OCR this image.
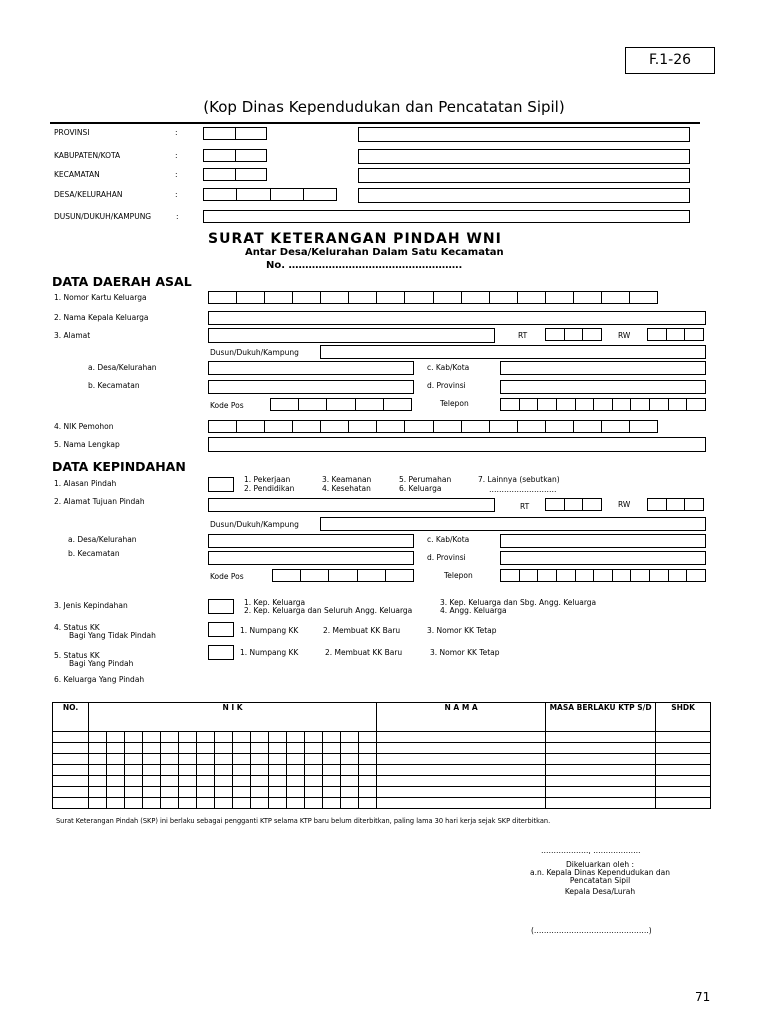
F.1-26
(Kop Dinas Kependudukan dan Pencatatan Sipil)
PROVINSI	:
KABUPATEN/KOTA	:
KECAMATAN	:
DESA/KELURAHAN	:
DUSUN/DUKUH/KAMPUNG	:
SURAT KETERANGAN PINDAH WNI
Antar Desa/Kelurahan Dalam Satu Kecamatan
No. …………………………………………….
DATA DAERAH ASAL
1. Nomor Kartu Keluarga
2. Nama Kepala Keluarga
3. Alamat	RT	RW
Dusun/Dukuh/Kampung
a. Desa/Kelurahan	c. Kab/Kota
b. Kecamatan	d. Provinsi
Kode Pos	Telepon
4. NIK Pemohon
5. Nama Lengkap
DATA KEPINDAHAN
1. Alasan Pindah	1. Pekerjaan
2. Pendidikan
3. Keamanan
4. Kesehatan
5. Perumahan
6. Keluarga
7. Lainnya (sebutkan)
………………………
2. Alamat Tujuan Pindah
RT	RW
Dusun/Dukuh/Kampung
a. Desa/Kelurahan	c. Kab/Kota
b. Kecamatan	d. Provinsi
Kode Pos	Telepon
3. Jenis Kepindahan	1. Kep. Keluarga
2. Kep. Keluarga dan Seluruh Angg. Keluarga
3. Kep. Keluarga dan Sbg. Angg. Keluarga
4. Angg. Keluarga
4. Status KK
Bagi Yang Tidak Pindah
1. Numpang KK	2. Membuat KK Baru	3. Nomor KK Tetap
5. Status KK
Bagi Yang Pindah
1. Numpang KK	2. Membuat KK Baru	3. Nomor KK Tetap
6. Keluarga Yang Pindah
NO.	N I K																N A M A	MASA BERLAKU KTP S/D	SHDK

Surat Keterangan Pindah (SKP) ini berlaku sebagai pengganti KTP selama KTP baru belum diterbitkan, paling lama 30 hari kerja sejak SKP diterbitkan.
………………., ……………….
Dikeluarkan oleh :
a.n. Kepala Dinas Kependudukan dan
Pencatatan Sipil
Kepala Desa/Lurah
(……………………………………….)
71
